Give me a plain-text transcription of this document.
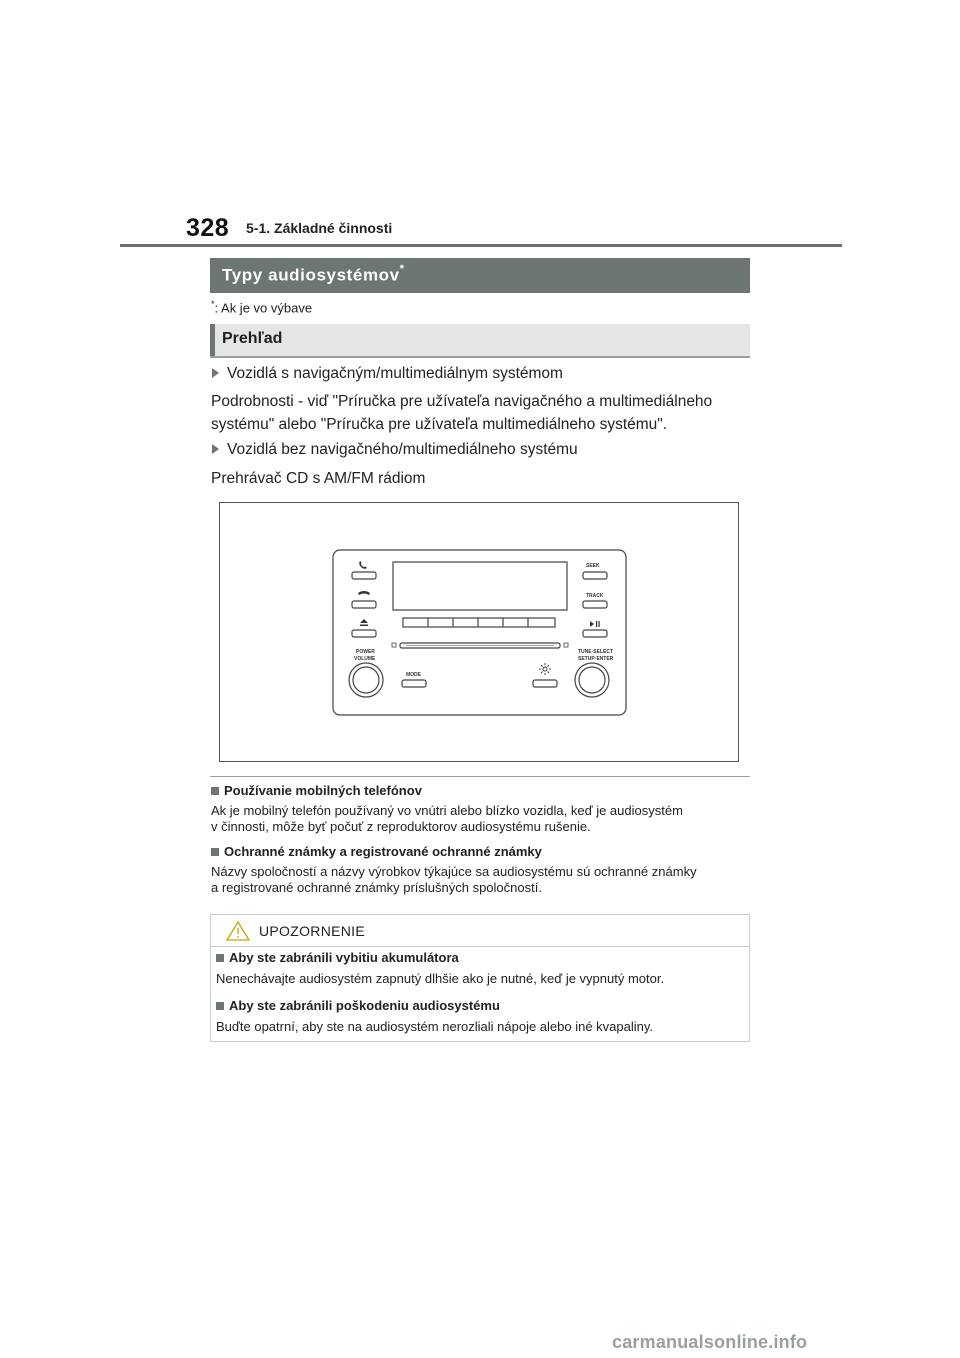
328 5-1. Základné činnosti
Typy audiosystémov*
*: Ak je vo výbave
Prehľad
Vozidlá s navigačným/multimediálnym systémom
Podrobnosti - viď "Príručka pre užívateľa navigačného a multimediálneho
systému" alebo "Príručka pre užívateľa multimediálneho systému".
Vozidlá bez navigačného/multimediálneho systému
Prehrávač CD s AM/FM rádiom
SEEK
TRACK
POWER
VOLUME
MODE
TUNE·SELECT
SETUP·ENTER
Používanie mobilných telefónov
Ak je mobilný telefón používaný vo vnútri alebo blízko vozidla, keď je audiosystém
v činnosti, môže byť počuť z reproduktorov audiosystému rušenie.
Ochranné známky a registrované ochranné známky
Názvy spoločností a názvy výrobkov týkajúce sa audiosystému sú ochranné známky
a registrované ochranné známky príslušných spoločností.
UPOZORNENIE
Aby ste zabránili vybitiu akumulátora
Nenechávajte audiosystém zapnutý dlhšie ako je nutné, keď je vypnutý motor.
Aby ste zabránili poškodeniu audiosystému
Buďte opatrní, aby ste na audiosystém nerozliali nápoje alebo iné kvapaliny.
carmanualsonline.info
